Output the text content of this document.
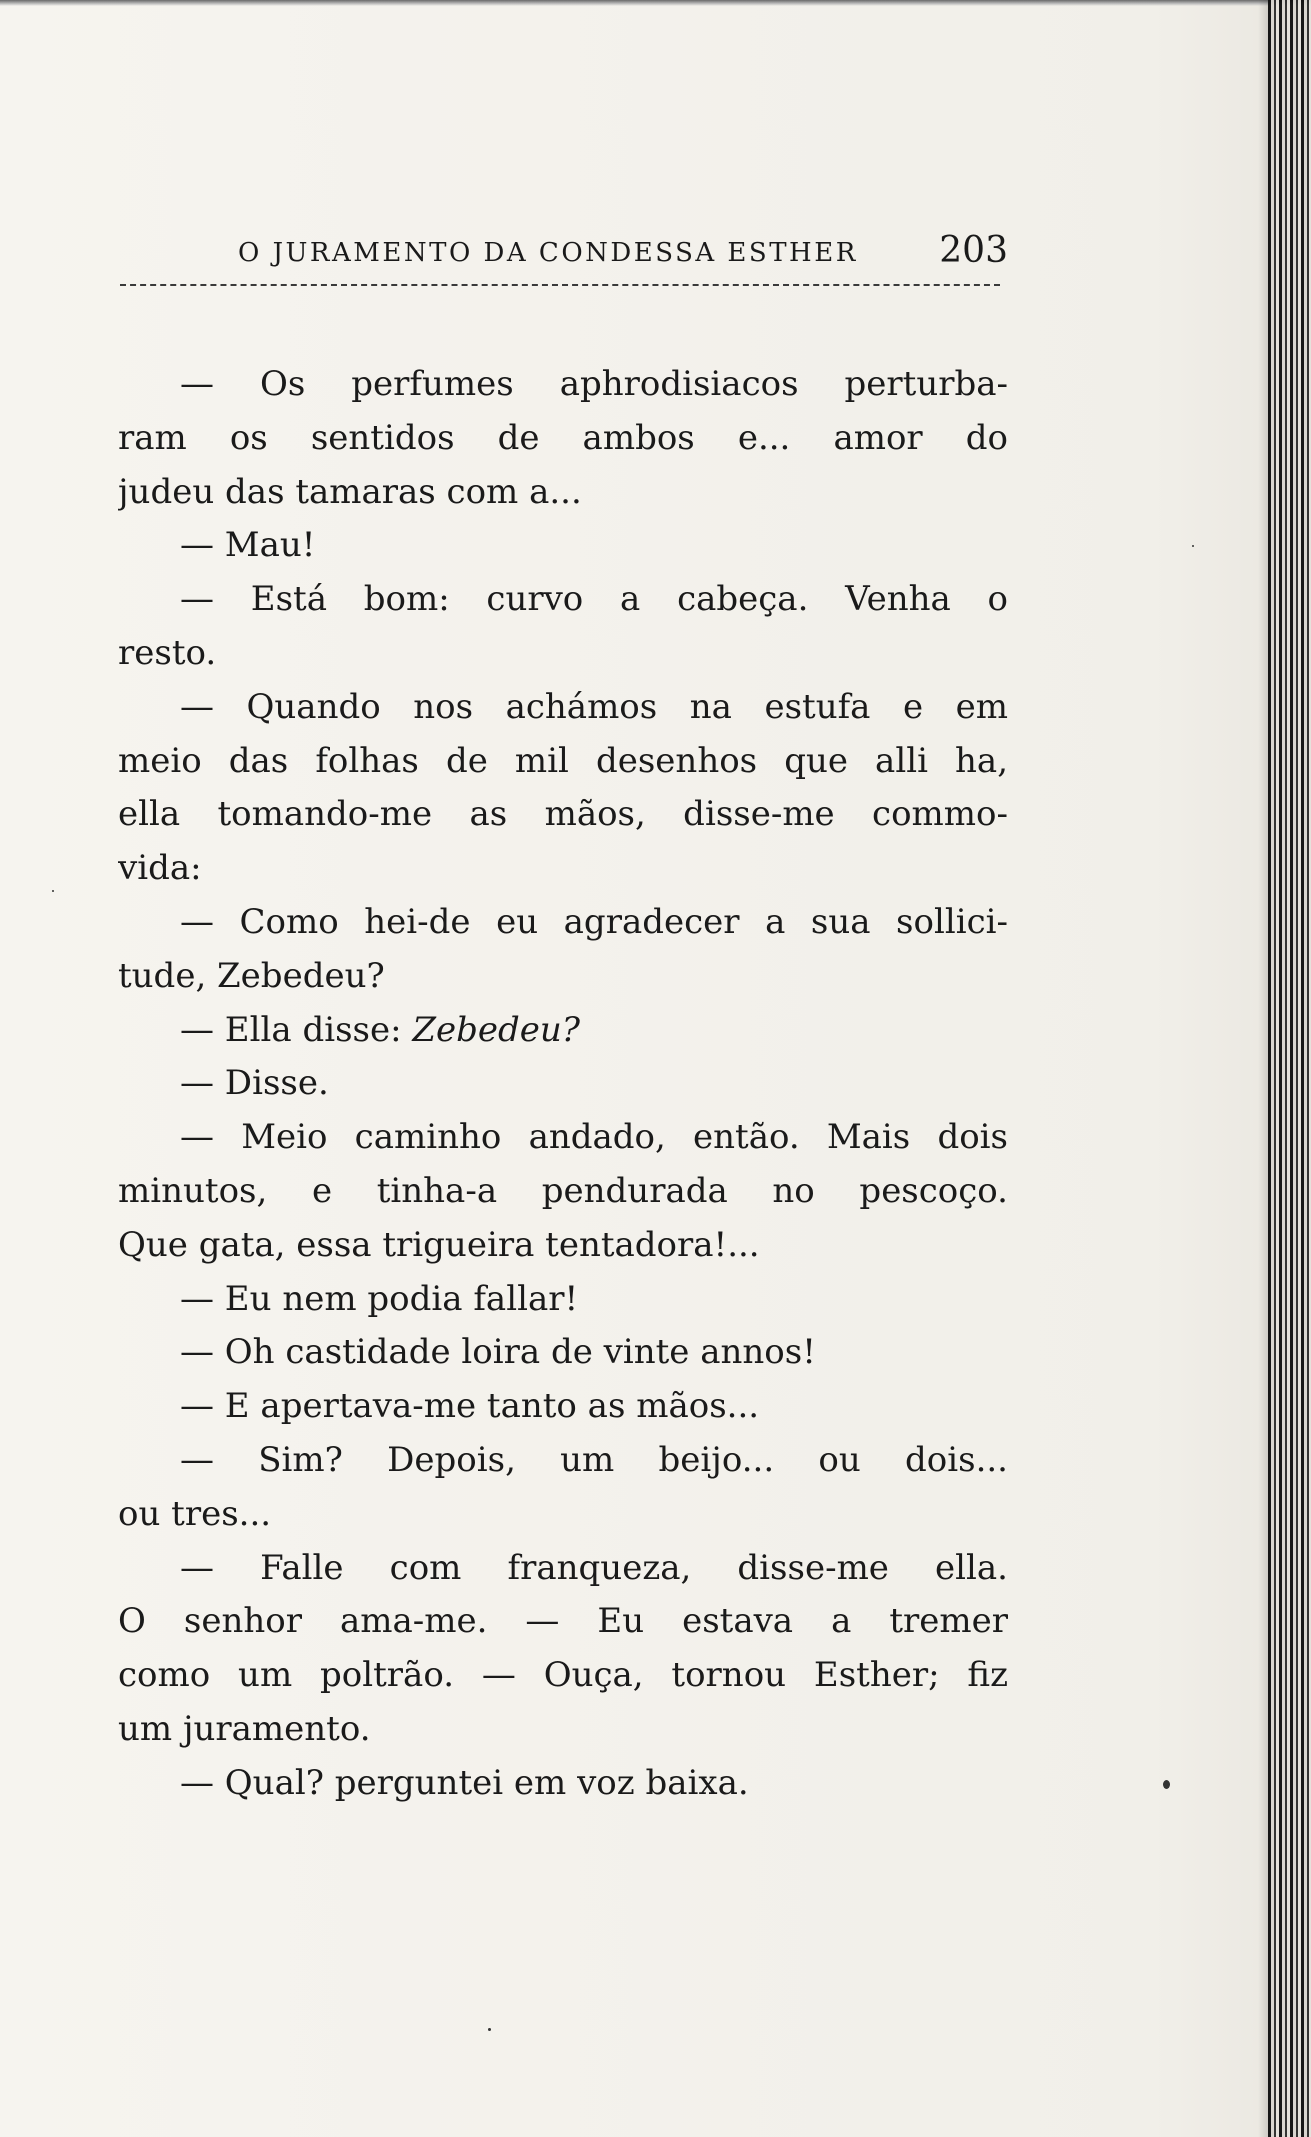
O JURAMENTO DA CONDESSA ESTHER 203
— Os perfumes aphrodisiacos perturba-
ram os sentidos de ambos e... amor do
judeu das tamaras com a...
— Mau!
— Está bom: curvo a cabeça. Venha o
resto.
— Quando nos achámos na estufa e em
meio das folhas de mil desenhos que alli ha,
ella tomando-me as mãos, disse-me commo-
vida:
— Como hei-de eu agradecer a sua sollici-
tude, Zebedeu?
— Ella disse: Zebedeu?
— Disse.
— Meio caminho andado, então. Mais dois
minutos, e tinha-a pendurada no pescoço.
Que gata, essa trigueira tentadora!...
— Eu nem podia fallar!
— Oh castidade loira de vinte annos!
— E apertava-me tanto as mãos...
— Sim? Depois, um beijo... ou dois...
ou tres...
— Falle com franqueza, disse-me ella.
O senhor ama-me. — Eu estava a tremer
como um poltrão. — Ouça, tornou Esther; fiz
um juramento.
— Qual? perguntei em voz baixa.
